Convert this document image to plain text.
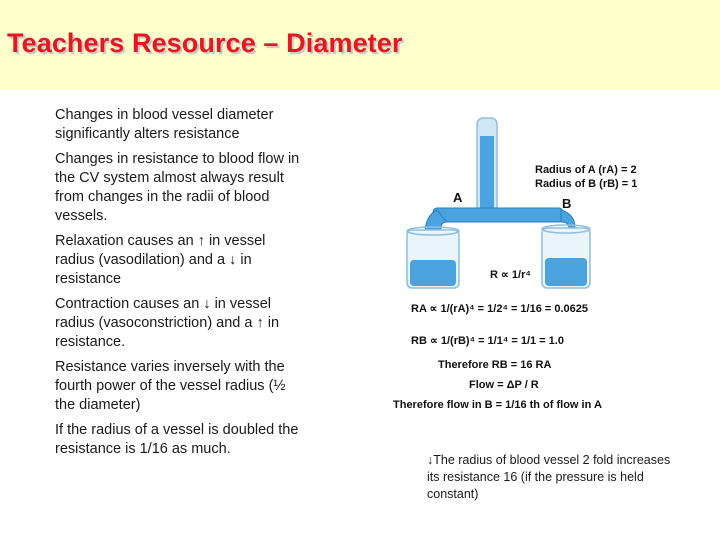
Teachers Resource – Diameter

Changes in blood vessel diameter significantly alters resistance

Changes in resistance to blood flow in the CV system almost always result from changes in the radii of blood vessels.

Relaxation causes an ↑ in vessel radius (vasodilation) and a ↓ in resistance

Contraction causes an ↓ in vessel radius (vasoconstriction) and a ↑ in resistance.

Resistance varies inversely with the fourth power of the vessel radius (½ the diameter)

If the radius of a vessel is doubled the resistance is 1/16 as much.

A	B
Radius of A (rA) = 2
Radius of B (rB) = 1
R ∝ 1/r⁴
RA ∝ 1/(rA)⁴ = 1/2⁴ = 1/16 = 0.0625
RB ∝ 1/(rB)⁴ = 1/1⁴ = 1/1 = 1.0
Therefore RB = 16 RA
Flow = ΔP / R
Therefore flow in B = 1/16 th of flow in A
↓The radius of blood vessel 2 fold increases its resistance 16 (if the pressure is held constant)
